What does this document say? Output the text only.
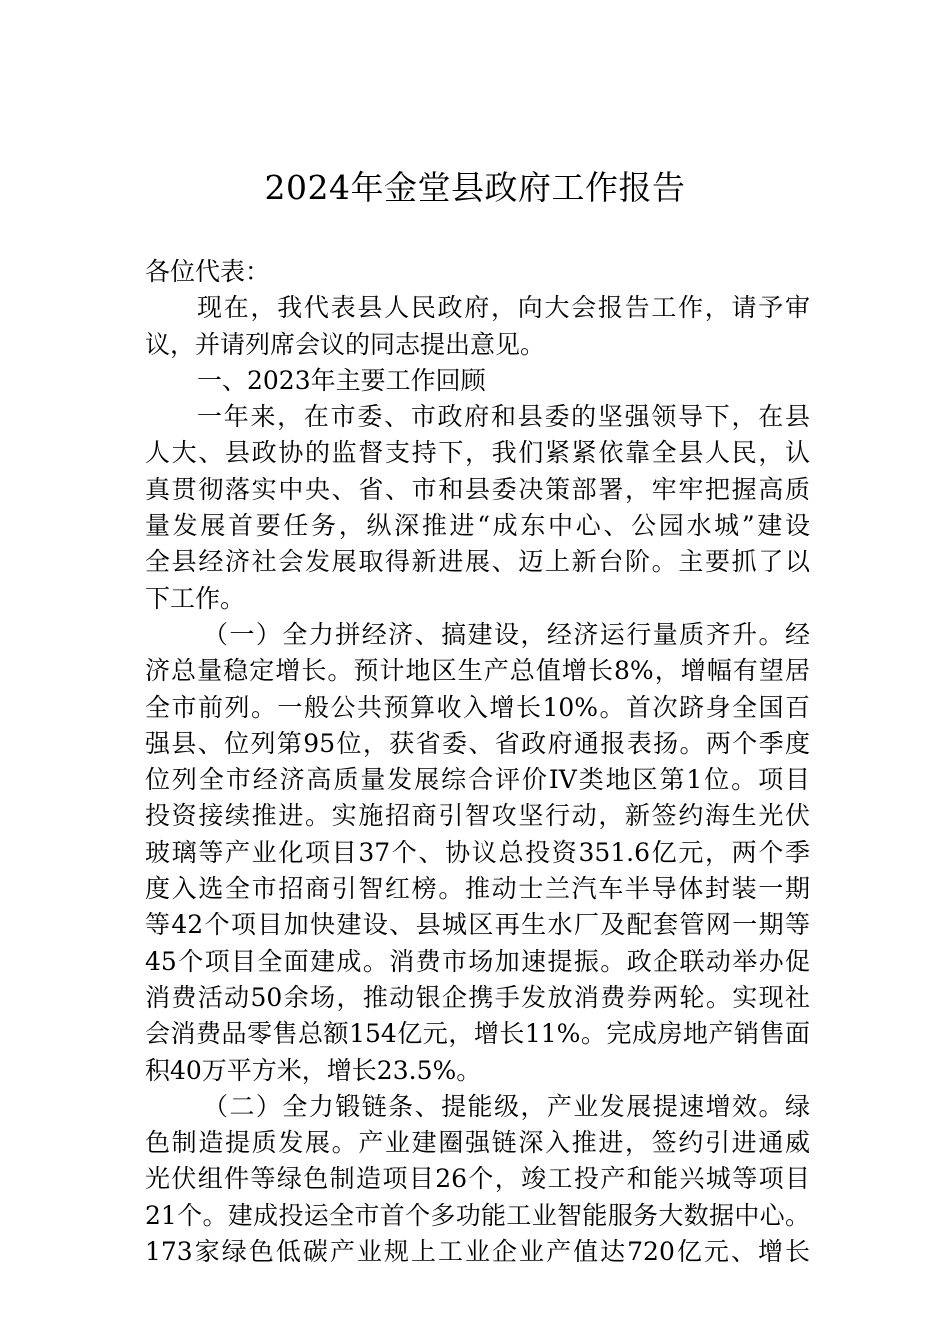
2024年金堂县政府工作报告
各位代表：
现在，我代表县人民政府，向大会报告工作，请予审
议，并请列席会议的同志提出意见。
一、2023年主要工作回顾
一年来，在市委、市政府和县委的坚强领导下，在县
人大、县政协的监督支持下，我们紧紧依靠全县人民，认
真贯彻落实中央、省、市和县委决策部署，牢牢把握高质
量发展首要任务，纵深推进“成东中心、公园水城”建设
全县经济社会发展取得新进展、迈上新台阶。主要抓了以
下工作。
（一）全力拼经济、搞建设，经济运行量质齐升。经
济总量稳定增长。预计地区生产总值增长8%，增幅有望居
全市前列。一般公共预算收入增长10%。首次跻身全国百
强县、位列第95位，获省委、省政府通报表扬。两个季度
位列全市经济高质量发展综合评价IV类地区第1位。项目
投资接续推进。实施招商引智攻坚行动，新签约海生光伏
玻璃等产业化项目37个、协议总投资351.6亿元，两个季
度入选全市招商引智红榜。推动士兰汽车半导体封装一期
等42个项目加快建设、县城区再生水厂及配套管网一期等
45个项目全面建成。消费市场加速提振。政企联动举办促
消费活动50余场，推动银企携手发放消费券两轮。实现社
会消费品零售总额154亿元，增长11%。完成房地产销售面
积40万平方米，增长23.5%。
（二）全力锻链条、提能级，产业发展提速增效。绿
色制造提质发展。产业建圈强链深入推进，签约引进通威
光伏组件等绿色制造项目26个，竣工投产和能兴城等项目
21个。建成投运全市首个多功能工业智能服务大数据中心。
173家绿色低碳产业规上工业企业产值达720亿元、增长
